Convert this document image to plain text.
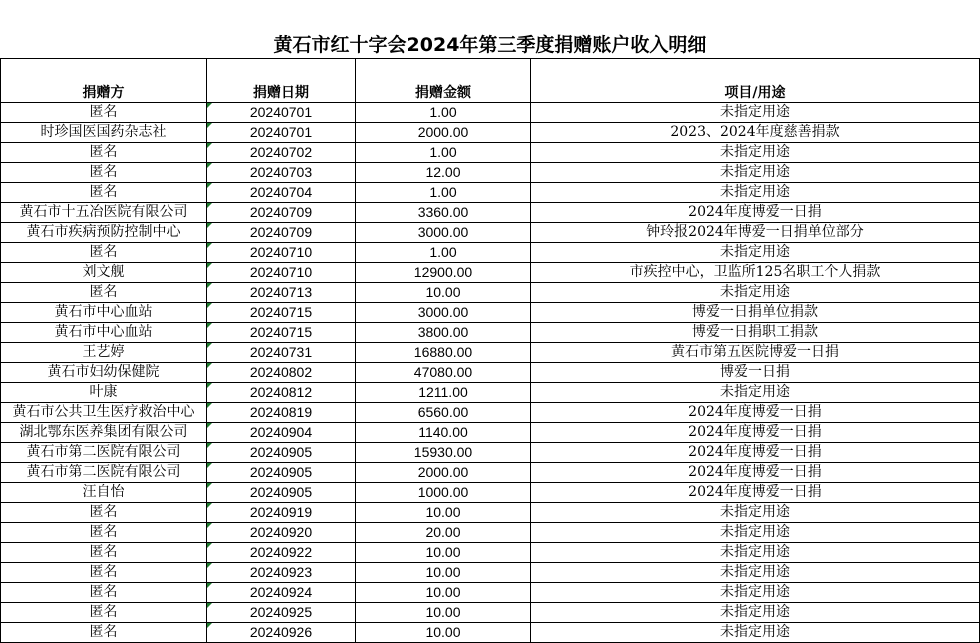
黄石市红十字会2024年第三季度捐赠账户收入明细
捐赠方	捐赠日期	捐赠金额	项目/用途
匿名	20240701	1.00	未指定用途
时珍国医国药杂志社	20240701	2000.00	2023、2024年度慈善捐款
匿名	20240702	1.00	未指定用途
匿名	20240703	12.00	未指定用途
匿名	20240704	1.00	未指定用途
黄石市十五冶医院有限公司	20240709	3360.00	2024年度博爱一日捐
黄石市疾病预防控制中心	20240709	3000.00	钟玲报2024年博爱一日捐单位部分
匿名	20240710	1.00	未指定用途
刘文舰	20240710	12900.00	市疾控中心，卫监所125名职工个人捐款
匿名	20240713	10.00	未指定用途
黄石市中心血站	20240715	3000.00	博爱一日捐单位捐款
黄石市中心血站	20240715	3800.00	博爱一日捐职工捐款
王艺婷	20240731	16880.00	黄石市第五医院博爱一日捐
黄石市妇幼保健院	20240802	47080.00	博爱一日捐
叶康	20240812	1211.00	未指定用途
黄石市公共卫生医疗救治中心	20240819	6560.00	2024年度博爱一日捐
湖北鄂东医养集团有限公司	20240904	1140.00	2024年度博爱一日捐
黄石市第二医院有限公司	20240905	15930.00	2024年度博爱一日捐
黄石市第二医院有限公司	20240905	2000.00	2024年度博爱一日捐
汪自怡	20240905	1000.00	2024年度博爱一日捐
匿名	20240919	10.00	未指定用途
匿名	20240920	20.00	未指定用途
匿名	20240922	10.00	未指定用途
匿名	20240923	10.00	未指定用途
匿名	20240924	10.00	未指定用途
匿名	20240925	10.00	未指定用途
匿名	20240926	10.00	未指定用途
